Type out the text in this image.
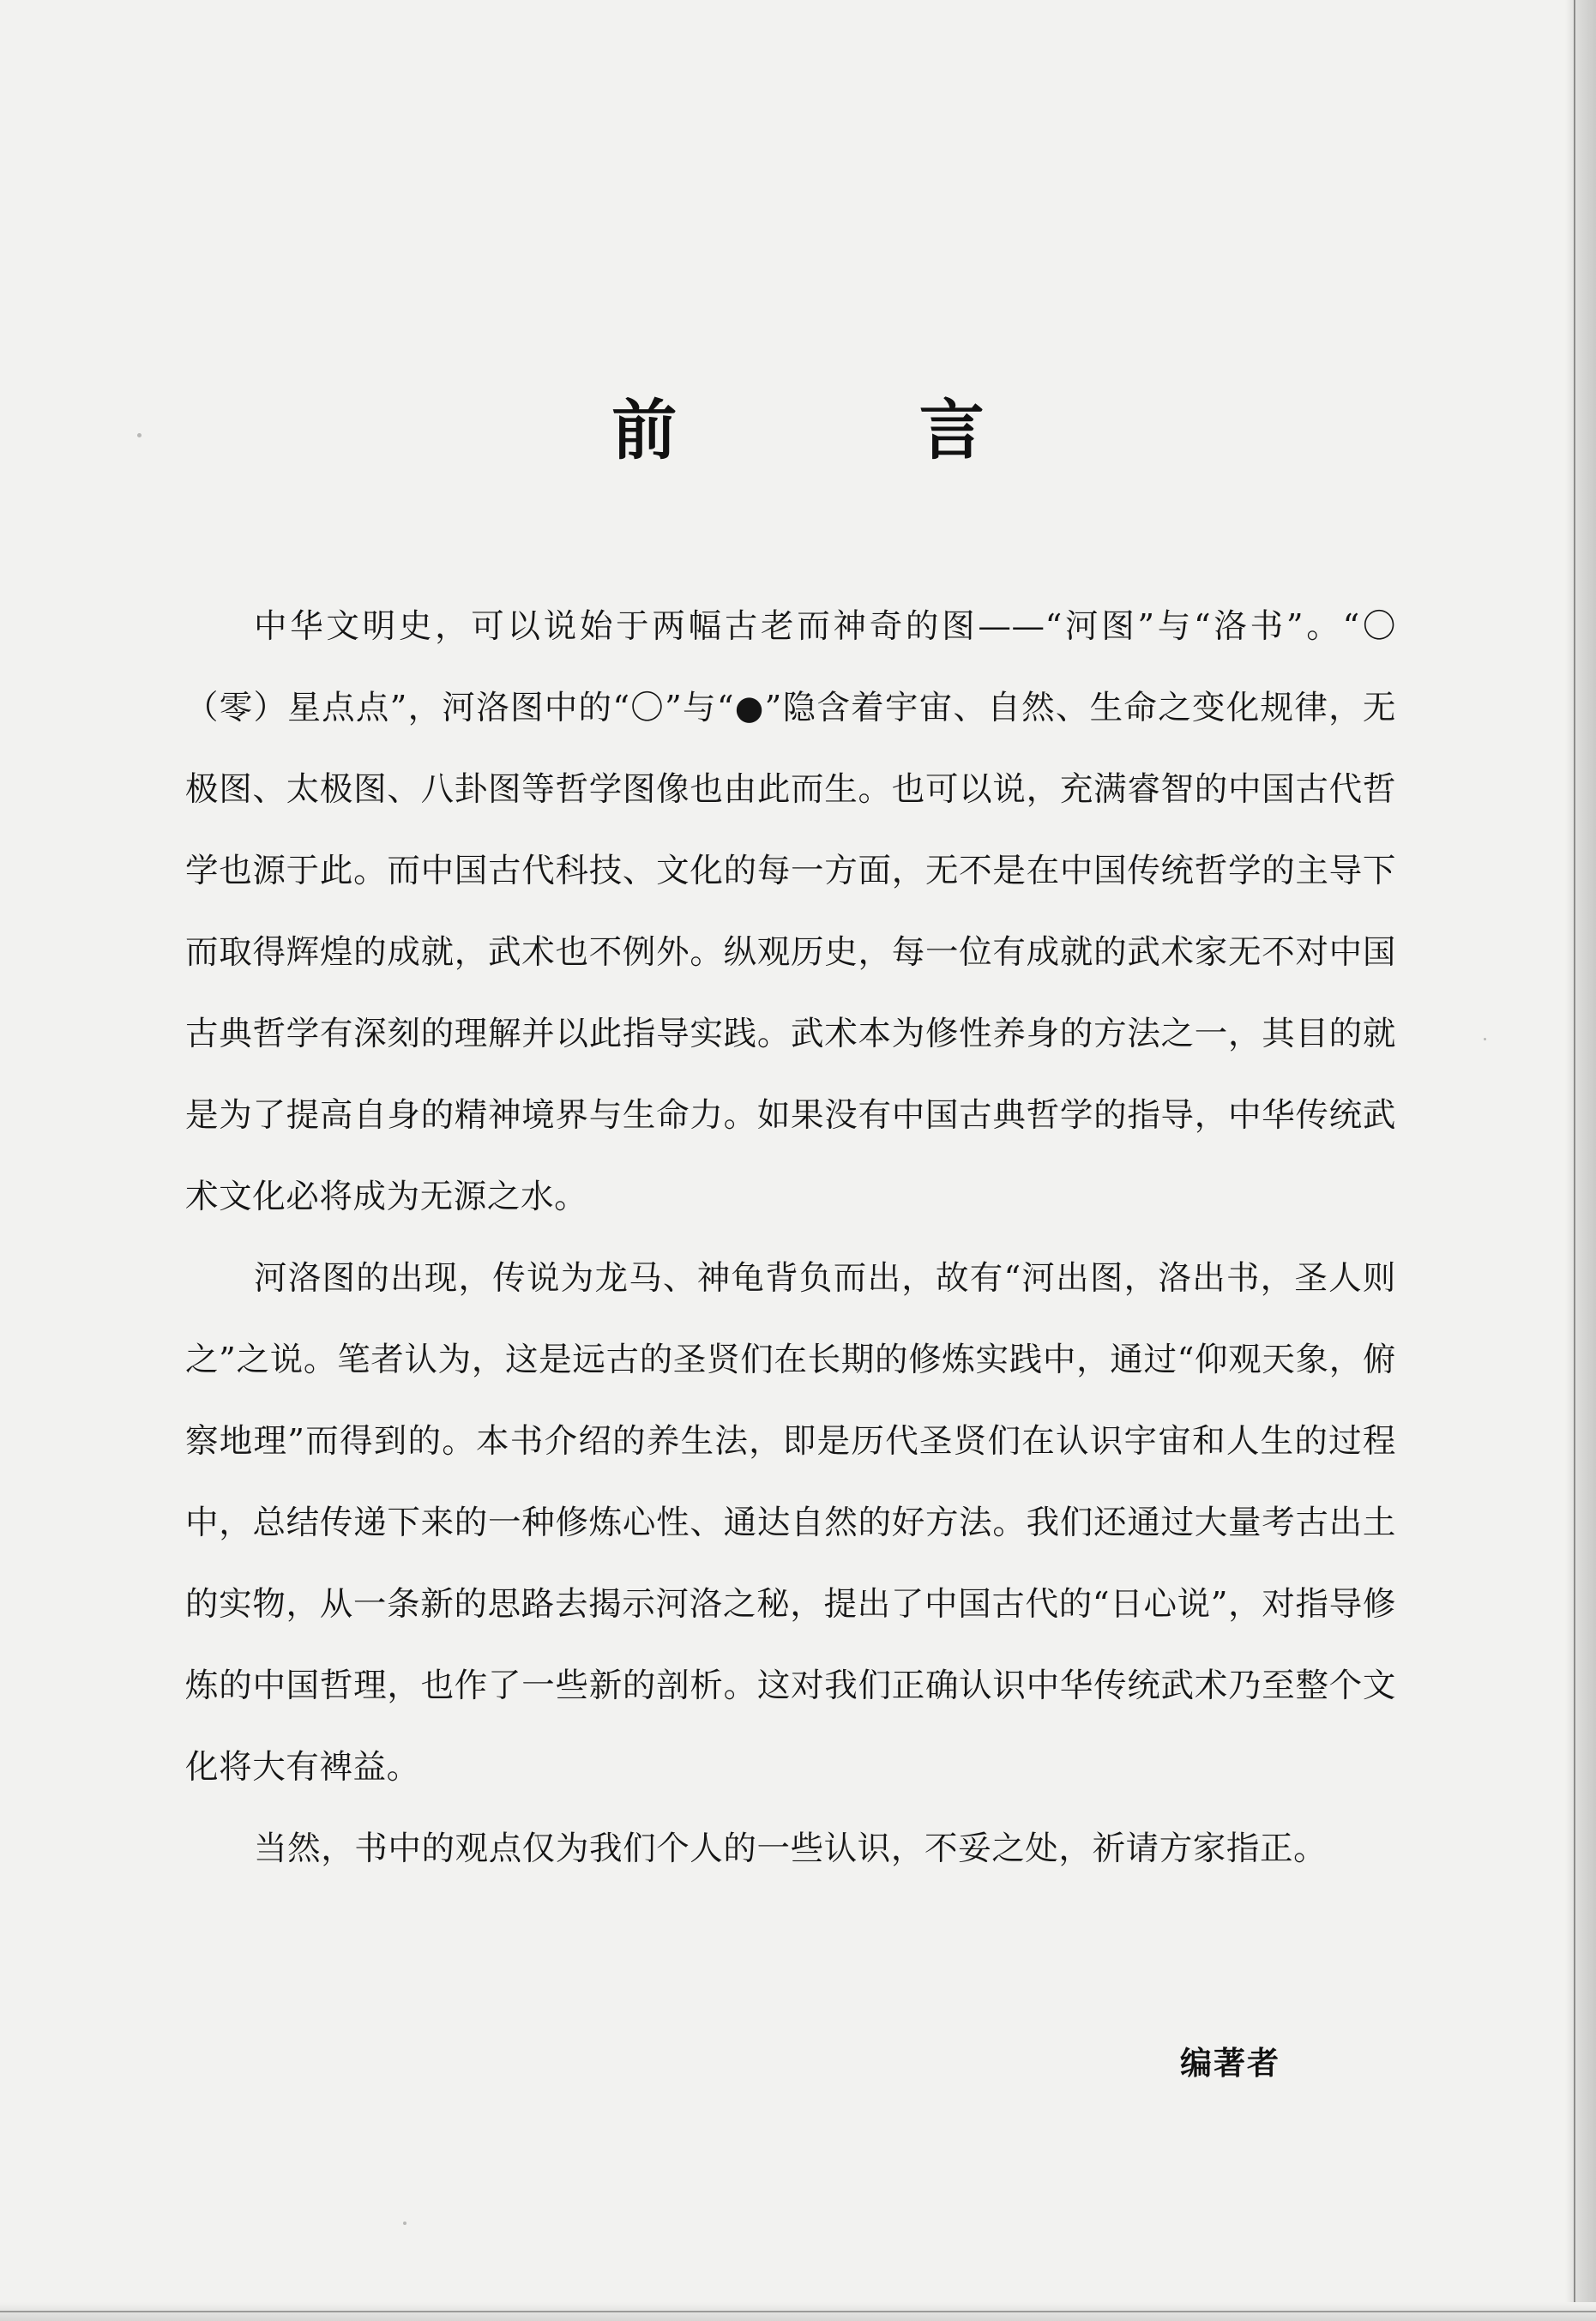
前 言

中华文明史，可以说始于两幅古老而神奇的图——“河图”与“洛书”。“〇（零）星点点”，河洛图中的“〇”与“●”隐含着宇宙、自然、生命之变化规律，无极图、太极图、八卦图等哲学图像也由此而生。也可以说，充满睿智的中国古代哲学也源于此。而中国古代科技、文化的每一方面，无不是在中国传统哲学的主导下而取得辉煌的成就，武术也不例外。纵观历史，每一位有成就的武术家无不对中国古典哲学有深刻的理解并以此指导实践。武术本为修性养身的方法之一，其目的就是为了提高自身的精神境界与生命力。如果没有中国古典哲学的指导，中华传统武术文化必将成为无源之水。

河洛图的出现，传说为龙马、神龟背负而出，故有“河出图，洛出书，圣人则之”之说。笔者认为，这是远古的圣贤们在长期的修炼实践中，通过“仰观天象，俯察地理”而得到的。本书介绍的养生法，即是历代圣贤们在认识宇宙和人生的过程中，总结传递下来的一种修炼心性、通达自然的好方法。我们还通过大量考古出土的实物，从一条新的思路去揭示河洛之秘，提出了中国古代的“日心说”，对指导修炼的中国哲理，也作了一些新的剖析。这对我们正确认识中华传统武术乃至整个文化将大有裨益。

当然，书中的观点仅为我们个人的一些认识，不妥之处，祈请方家指正。

编著者
